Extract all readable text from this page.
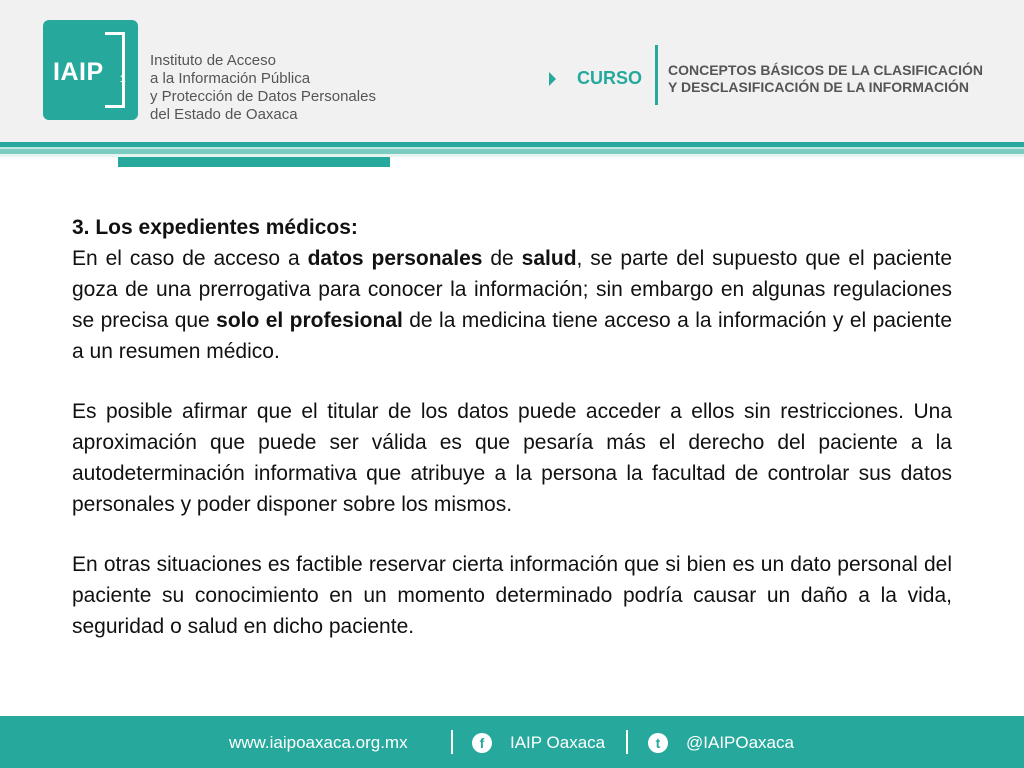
IAIP 1
Instituto de Acceso
a la Información Pública
y Protección de Datos Personales
del Estado de Oaxaca
CURSO CONCEPTOS BÁSICOS DE LA CLASIFICACIÓN
Y DESCLASIFICACIÓN DE LA INFORMACIÓN

3. Los expedientes médicos:

En el caso de acceso a datos personales de salud, se parte del supuesto que el paciente goza de una prerrogativa para conocer la información; sin embargo en algunas regulaciones se precisa que solo el profesional de la medicina tiene acceso a la información y el paciente a un resumen médico.

Es posible afirmar que el titular de los datos puede acceder a ellos sin restricciones. Una aproximación que puede ser válida es que pesaría más el derecho del paciente a la autodeterminación informativa que atribuye a la persona la facultad de controlar sus datos personales y poder disponer sobre los mismos.

En otras situaciones es factible reservar cierta información que si bien es un dato personal del paciente su conocimiento en un momento determinado podría causar un daño a la vida, seguridad o salud en dicho paciente.

www.iaipoaxaca.org.mx	f	IAIP Oaxaca	t	@IAIPOaxaca
